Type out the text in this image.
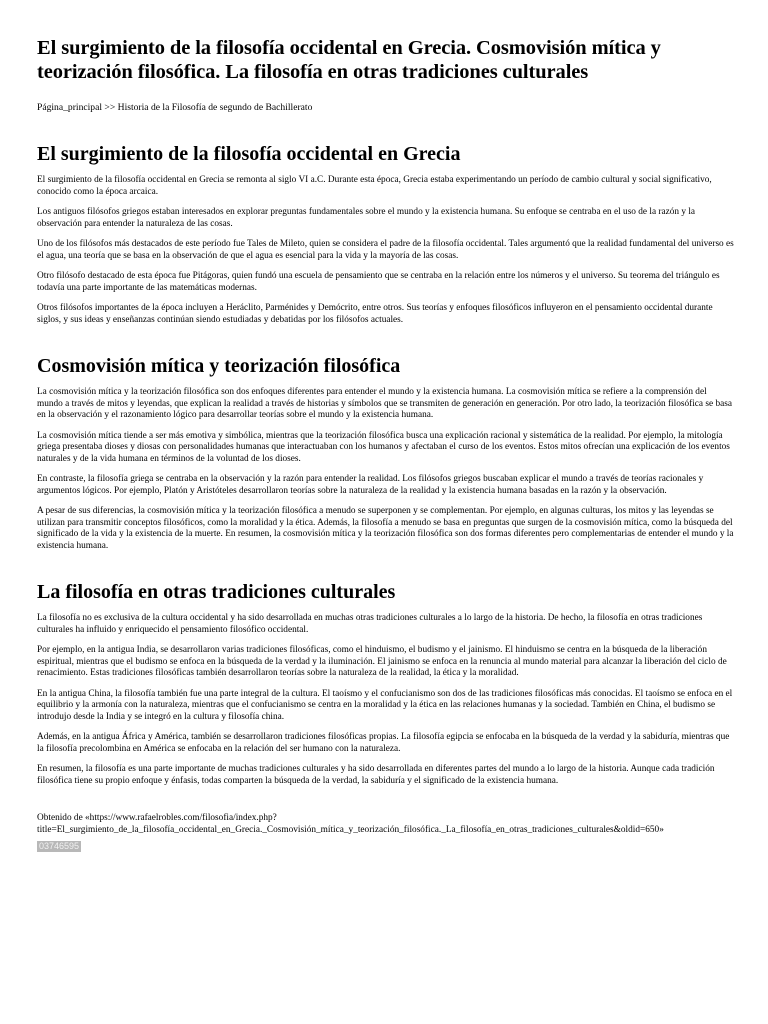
El surgimiento de la filosofía occidental en Grecia. Cosmovisión mítica y teorización filosófica. La filosofía en otras tradiciones culturales
Página_principal >> Historia de la Filosofía de segundo de Bachillerato
El surgimiento de la filosofía occidental en Grecia

El surgimiento de la filosofía occidental en Grecia se remonta al siglo VI a.C. Durante esta época, Grecia estaba experimentando un período de cambio cultural y social significativo, conocido como la época arcaica.

Los antiguos filósofos griegos estaban interesados en explorar preguntas fundamentales sobre el mundo y la existencia humana. Su enfoque se centraba en el uso de la razón y la observación para entender la naturaleza de las cosas.

Uno de los filósofos más destacados de este período fue Tales de Mileto, quien se considera el padre de la filosofía occidental. Tales argumentó que la realidad fundamental del universo es el agua, una teoría que se basa en la observación de que el agua es esencial para la vida y la mayoría de las cosas.

Otro filósofo destacado de esta época fue Pitágoras, quien fundó una escuela de pensamiento que se centraba en la relación entre los números y el universo. Su teorema del triángulo es todavía una parte importante de las matemáticas modernas.

Otros filósofos importantes de la época incluyen a Heráclito, Parménides y Demócrito, entre otros. Sus teorías y enfoques filosóficos influyeron en el pensamiento occidental durante siglos, y sus ideas y enseñanzas continúan siendo estudiadas y debatidas por los filósofos actuales.

Cosmovisión mítica y teorización filosófica

La cosmovisión mítica y la teorización filosófica son dos enfoques diferentes para entender el mundo y la existencia humana. La cosmovisión mítica se refiere a la comprensión del mundo a través de mitos y leyendas, que explican la realidad a través de historias y símbolos que se transmiten de generación en generación. Por otro lado, la teorización filosófica se basa en la observación y el razonamiento lógico para desarrollar teorías sobre el mundo y la existencia humana.

La cosmovisión mítica tiende a ser más emotiva y simbólica, mientras que la teorización filosófica busca una explicación racional y sistemática de la realidad. Por ejemplo, la mitología griega presentaba dioses y diosas con personalidades humanas que interactuaban con los humanos y afectaban el curso de los eventos. Estos mitos ofrecían una explicación de los eventos naturales y de la vida humana en términos de la voluntad de los dioses.

En contraste, la filosofía griega se centraba en la observación y la razón para entender la realidad. Los filósofos griegos buscaban explicar el mundo a través de teorías racionales y argumentos lógicos. Por ejemplo, Platón y Aristóteles desarrollaron teorías sobre la naturaleza de la realidad y la existencia humana basadas en la razón y la observación.

A pesar de sus diferencias, la cosmovisión mítica y la teorización filosófica a menudo se superponen y se complementan. Por ejemplo, en algunas culturas, los mitos y las leyendas se utilizan para transmitir conceptos filosóficos, como la moralidad y la ética. Además, la filosofía a menudo se basa en preguntas que surgen de la cosmovisión mítica, como la búsqueda del significado de la vida y la existencia de la muerte. En resumen, la cosmovisión mítica y la teorización filosófica son dos formas diferentes pero complementarias de entender el mundo y la existencia humana.

La filosofía en otras tradiciones culturales

La filosofía no es exclusiva de la cultura occidental y ha sido desarrollada en muchas otras tradiciones culturales a lo largo de la historia. De hecho, la filosofía en otras tradiciones culturales ha influido y enriquecido el pensamiento filosófico occidental.

Por ejemplo, en la antigua India, se desarrollaron varias tradiciones filosóficas, como el hinduismo, el budismo y el jainismo. El hinduismo se centra en la búsqueda de la liberación espiritual, mientras que el budismo se enfoca en la búsqueda de la verdad y la iluminación. El jainismo se enfoca en la renuncia al mundo material para alcanzar la liberación del ciclo de renacimiento. Estas tradiciones filosóficas también desarrollaron teorías sobre la naturaleza de la realidad, la ética y la moralidad.

En la antigua China, la filosofía también fue una parte integral de la cultura. El taoísmo y el confucianismo son dos de las tradiciones filosóficas más conocidas. El taoísmo se enfoca en el equilibrio y la armonía con la naturaleza, mientras que el confucianismo se centra en la moralidad y la ética en las relaciones humanas y la sociedad. También en China, el budismo se introdujo desde la India y se integró en la cultura y filosofía china.

Además, en la antigua África y América, también se desarrollaron tradiciones filosóficas propias. La filosofía egipcia se enfocaba en la búsqueda de la verdad y la sabiduría, mientras que la filosofía precolombina en América se enfocaba en la relación del ser humano con la naturaleza.

En resumen, la filosofía es una parte importante de muchas tradiciones culturales y ha sido desarrollada en diferentes partes del mundo a lo largo de la historia. Aunque cada tradición filosófica tiene su propio enfoque y énfasis, todas comparten la búsqueda de la verdad, la sabiduría y el significado de la existencia humana.

Obtenido de «https://www.rafaelrobles.com/filosofia/index.php?
title=El_surgimiento_de_la_filosofía_occidental_en_Grecia._Cosmovisión_mítica_y_teorización_filosófica._La_filosofía_en_otras_tradiciones_culturales&oldid=650»
03746595
